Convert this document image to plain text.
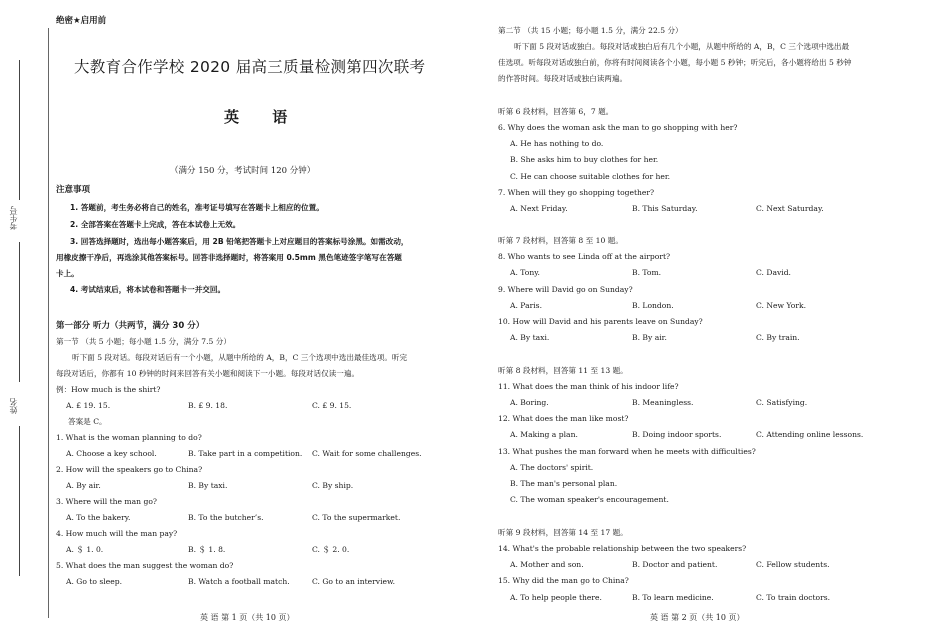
考生号
姓名
绝密★启用前
大教育合作学校 2020 届高三质量检测第四次联考
英 语
（满分 150 分，考试时间 120 分钟）
注意事项
1. 答题前，考生务必将自己的姓名，准考证号填写在答题卡上相应的位置。
2. 全部答案在答题卡上完成，答在本试卷上无效。
3. 回答选择题时，选出每小题答案后，用 2B 铅笔把答题卡上对应题目的答案标号涂黑。如需改动，
用橡皮擦干净后，再选涂其他答案标号。回答非选择题时，将答案用 0.5mm 黑色笔迹签字笔写在答题
卡上。
4. 考试结束后，将本试卷和答题卡一并交回。
第一部分 听力（共两节，满分 30 分）
第一节 （共 5 小题；每小题 1.5 分，满分 7.5 分）
听下面 5 段对话。每段对话后有一个小题，从题中所给的 A，B，C 三个选项中选出最佳选项。听完
每段对话后，你都有 10 秒钟的时间来回答有关小题和阅读下一小题。每段对话仅读一遍。
例：How much is the shirt?
A. £ 19. 15.	B. £ 9. 18.	C. £ 9. 15.
答案是 C。
1. What is the woman planning to do?
A. Choose a key school.	B. Take part in a competition. C. Wait for some challenges.
2. How will the speakers go to China?
A. By air.	B. By taxi.	C. By ship.
3. Where will the man go?
A. To the bakery.	B. To the butcher’s.	C. To the supermarket.
4. How much will the man pay?
A. ＄ 1. 0.	B. ＄ 1. 8.	C. ＄ 2. 0.
5. What does the man suggest the woman do?
A. Go to sleep.	B. Watch a football match.	C. Go to an interview.
英 语 第 1 页（共 10 页）
第二节 （共 15 小题；每小题 1.5 分，满分 22.5 分）
听下面 5 段对话或独白。每段对话或独白后有几个小题，从题中所给的 A，B，C 三个选项中选出最
佳选项。听每段对话或独白前，你将有时间阅读各个小题，每小题 5 秒钟；听完后，各小题将给出 5 秒钟
的作答时间。每段对话或独白读两遍。
听第 6 段材料，回答第 6，7 题。
6. Why does the woman ask the man to go shopping with her?
A. He has nothing to do.
B. She asks him to buy clothes for her.
C. He can choose suitable clothes for her.
7. When will they go shopping together?
A. Next Friday.	B. This Saturday.	C. Next Saturday.
听第 7 段材料，回答第 8 至 10 题。
8. Who wants to see Linda off at the airport?
A. Tony.	B. Tom.	C. David.
9. Where will David go on Sunday?
A. Paris.	B. London.	C. New York.
10. How will David and his parents leave on Sunday?
A. By taxi.	B. By air.	C. By train.
听第 8 段材料，回答第 11 至 13 题。
11. What does the man think of his indoor life?
A. Boring.	B. Meaningless.	C. Satisfying.
12. What does the man like most?
A. Making a plan.	B. Doing indoor sports.	C. Attending online lessons.
13. What pushes the man forward when he meets with difficulties?
A. The doctors' spirit.
B. The man's personal plan.
C. The woman speaker's encouragement.
听第 9 段材料，回答第 14 至 17 题。
14. What's the probable relationship between the two speakers?
A. Mother and son.	B. Doctor and patient.	C. Fellow students.
15. Why did the man go to China?
A. To help people there.	B. To learn medicine.	C. To train doctors.
英 语 第 2 页（共 10 页）
